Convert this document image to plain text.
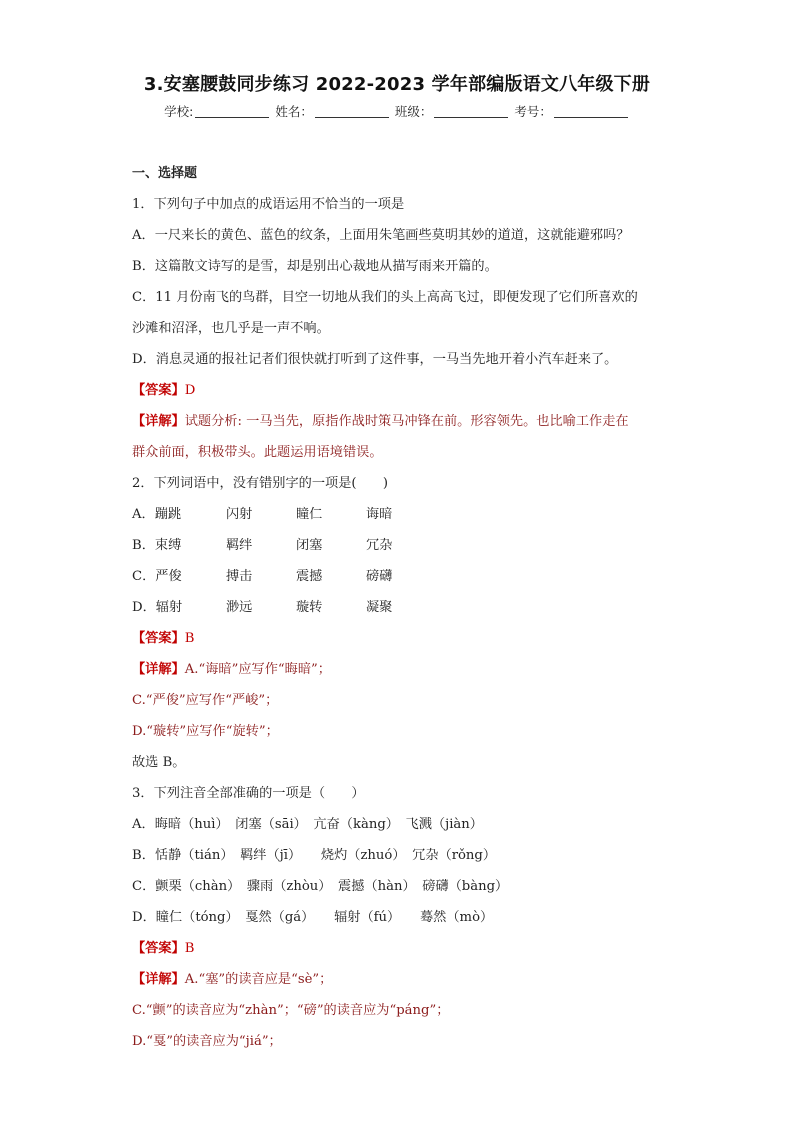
3.安塞腰鼓同步练习 2022-2023 学年部编版语文八年级下册
学校:	姓名：	班级：	考号：
一、选择题
1．下列句子中加点的成语运用不恰当的一项是
A．一尺来长的黄色、蓝色的纹条，上面用朱笔画些莫明其妙的道道，这就能避邪吗？
B．这篇散文诗写的是雪，却是别出心裁地从描写雨来开篇的。
C．11 月份南飞的鸟群，目空一切地从我们的头上高高飞过，即便发现了它们所喜欢的
沙滩和沼泽，也几乎是一声不响。
D．消息灵通的报社记者们很快就打听到了这件事，一马当先地开着小汽车赶来了。
【答案】D
【详解】试题分析: 一马当先，原指作战时策马冲锋在前。形容领先。也比喻工作走在
群众前面，积极带头。此题运用语境错误。
2．下列词语中，没有错别字的一项是(　　)
A．蹦跳	闪射	瞳仁	诲暗
B．束缚	羁绊	闭塞	冗杂
C．严俊	搏击	震撼	磅礴
D．辐射	渺远	璇转	凝聚
【答案】B
【详解】A.“诲暗”应写作“晦暗”；
C.“严俊”应写作“严峻”；
D.“璇转”应写作“旋转”；
故选 B。
3．下列注音全部准确的一项是（　　）
A．晦暗（huì）　闭塞（sāi）　亢奋（kàng）　飞溅（jiàn）
B．恬静（tián）　羁绊（jī）　　烧灼（zhuó）　冗杂（rǒng）
C．颤栗（chàn）　骤雨（zhòu）　震撼（hàn）　磅礴（bàng）
D．瞳仁（tóng）　戛然（gá）　　辐射（fú）　　蓦然（mò）
【答案】B
【详解】A.“塞”的读音应是“sè”；
C.“颤”的读音应为“zhàn”；“磅”的读音应为“páng”；
D.“戛”的读音应为“jiá”；
